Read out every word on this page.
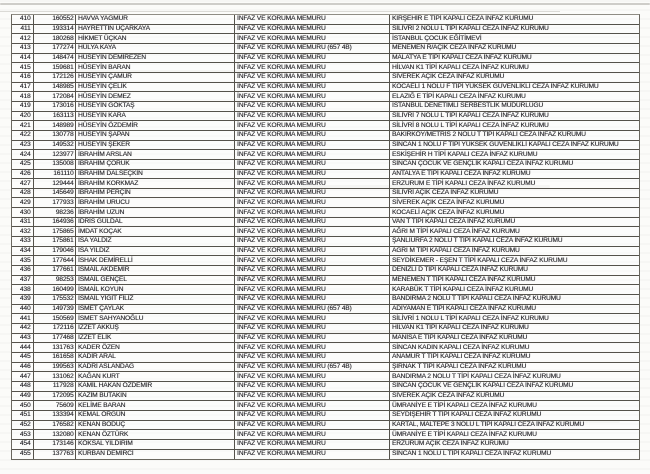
410	160552 HAVVA YAĞMUR	İNFAZ VE KORUMA MEMURU	KIRŞEHİR E TİPİ KAPALI CEZA İNFAZ KURUMU
411	193314 HAYRETTİN UÇARKAYA	İNFAZ VE KORUMA MEMURU	SİLİVRİ 2 NOLU L TİPİ KAPALI CEZA İNFAZ KURUMU
412	180268 HİKMET ÜÇKAN	İNFAZ VE KORUMA MEMURU	İSTANBUL ÇOCUK EĞİTİMEVİ
413	177274 HÜLYA KAYA	İNFAZ VE KORUMA MEMURU (657 4B)	MENEMEN R/AÇIK CEZA İNFAZ KURUMU
414	148474 HÜSEYİN DEMİREZEN	İNFAZ VE KORUMA MEMURU	MALATYA E TİPİ KAPALI CEZA İNFAZ KURUMU
415	159681 HÜSEYİN BARAN	İNFAZ VE KORUMA MEMURU	HİLVAN K1 TİPİ KAPALI CEZA İNFAZ KURUMU
416	172126 HÜSEYİN ÇAMUR	İNFAZ VE KORUMA MEMURU	SİVEREK AÇIK CEZA İNFAZ KURUMU
417	148985 HÜSEYİN ÇELİK	İNFAZ VE KORUMA MEMURU	KOCAELİ 1 NOLU F TİPİ YÜKSEK GÜVENLİKLİ CEZA İNFAZ KURUMU
418	172084 HÜSEYİN DEMEZ	İNFAZ VE KORUMA MEMURU	ELAZIĞ E TİPİ KAPALI CEZA İNFAZ KURUMU
419	173016 HÜSEYİN GÖKTAŞ	İNFAZ VE KORUMA MEMURU	İSTANBUL DENETİMLİ SERBESTLİK MÜDÜRLÜĞÜ
420	163113 HÜSEYİN KARA	İNFAZ VE KORUMA MEMURU	SİLİVRİ 7 NOLU L TİPİ KAPALI CEZA İNFAZ KURUMU
421	148989 HÜSEYİN ÖZDEMİR	İNFAZ VE KORUMA MEMURU	SİLİVRİ 8 NOLU L TİPİ KAPALI CEZA İNFAZ KURUMU
422	130778 HÜSEYİN ŞAPAN	İNFAZ VE KORUMA MEMURU	BAKIRKÖY/METRİS 2 NOLU T TİPİ KAPALI CEZA İNFAZ KURUMU
423	149532 HÜSEYİN ŞEKER	İNFAZ VE KORUMA MEMURU	SİNCAN 1 NOLU F TİPİ YÜKSEK GÜVENLİKLİ KAPALI CEZA İNFAZ KURUMU
424	123977 İBRAHİM ARSLAN	İNFAZ VE KORUMA MEMURU	ESKİŞEHİR H TİPİ KAPALI CEZA İNFAZ KURUMU
425	135008 İBRAHİM ÇORUK	İNFAZ VE KORUMA MEMURU	SİNCAN ÇOCUK VE GENÇLİK KAPALI CEZA İNFAZ KURUMU
426	161110 İBRAHİM DALSEÇKİN	İNFAZ VE KORUMA MEMURU	ANTALYA E TİPİ KAPALI CEZA İNFAZ KURUMU
427	129444 İBRAHİM KORKMAZ	İNFAZ VE KORUMA MEMURU	ERZURUM E TİPİ KAPALI CEZA İNFAZ KURUMU
428	145649 İBRAHİM PERÇİN	İNFAZ VE KORUMA MEMURU	SİLİVRİ AÇIK CEZA İNFAZ KURUMU
429	177933 İBRAHİM URUCU	İNFAZ VE KORUMA MEMURU	SİVEREK AÇIK CEZA İNFAZ KURUMU
430	98236 İBRAHİM UZUN	İNFAZ VE KORUMA MEMURU	KOCAELİ AÇIK CEZA İNFAZ KURUMU
431	164936 İDRİS GÜLDAL	İNFAZ VE KORUMA MEMURU	VAN T TİPİ KAPALI CEZA İNFAZ KURUMU
432	175865 İMDAT KOÇAK	İNFAZ VE KORUMA MEMURU	AĞRI M TİPİ KAPALI CEZA İNFAZ KURUMU
433	175861 İSA YALDIZ	İNFAZ VE KORUMA MEMURU	ŞANLIURFA 2 NOLU T TİPİ KAPALI CEZA İNFAZ KURUMU
434	179046 İSA YILDIZ	İNFAZ VE KORUMA MEMURU	AĞRI M TİPİ KAPALI CEZA İNFAZ KURUMU
435	177644 İSHAK DEMİRELLİ	İNFAZ VE KORUMA MEMURU	SEYDİKEMER - EŞEN T TİPİ KAPALI CEZA İNFAZ KURUMU
436	177661 İSMAİL AKDEMİR	İNFAZ VE KORUMA MEMURU	DENİZLİ D TİPİ KAPALI CEZA İNFAZ KURUMU
437	98253 İSMAİL GENÇEL	İNFAZ VE KORUMA MEMURU	MENEMEN T TİPİ KAPALI CEZA İNFAZ KURUMU
438	160499 İSMAİL KOYUN	İNFAZ VE KORUMA MEMURU	KARABÜK T TİPİ KAPALI CEZA İNFAZ KURUMU
439	175532 İSMAİL YİĞİT FİLİZ	İNFAZ VE KORUMA MEMURU	BANDIRMA 2 NOLU T TİPİ KAPALI CEZA İNFAZ KURUMU
440	149739 İSMET ÇAYLAK	İNFAZ VE KORUMA MEMURU (657 4B)	ADIYAMAN E TİPİ KAPALI CEZA İNFAZ KURUMU
441	150569 İSMET SAHYANOĞLU	İNFAZ VE KORUMA MEMURU	SİLİVRİ 1 NOLU L TİPİ KAPALI CEZA İNFAZ KURUMU
442	172116 İZZET AKKUŞ	İNFAZ VE KORUMA MEMURU	HİLVAN K1 TİPİ KAPALI CEZA İNFAZ KURUMU
443	177468 İZZET ELİK	İNFAZ VE KORUMA MEMURU	MANİSA E TİPİ KAPALI CEZA İNFAZ KURUMU
444	131763 KADER ÖZEN	İNFAZ VE KORUMA MEMURU	SİNCAN KADIN KAPALI CEZA İNFAZ KURUMU
445	161658 KADİR ARAL	İNFAZ VE KORUMA MEMURU	ANAMUR T TİPİ KAPALI CEZA İNFAZ KURUMU
446	199563 KADRİ ASLANDAĞ	İNFAZ VE KORUMA MEMURU (657 4B)	ŞIRNAK T TİPİ KAPALI CEZA İNFAZ KURUMU
447	131062 KAĞAN KURT	İNFAZ VE KORUMA MEMURU	BANDIRMA 2 NOLU T TİPİ KAPALI CEZA İNFAZ KURUMU
448	117928 KAMİL HAKAN ÖZDEMİR	İNFAZ VE KORUMA MEMURU	SİNCAN ÇOCUK VE GENÇLİK KAPALI CEZA İNFAZ KURUMU
449	172095 KAZİM BUTAKIN	İNFAZ VE KORUMA MEMURU	SİVEREK AÇIK CEZA İNFAZ KURUMU
450	75609 KELİME BARAN	İNFAZ VE KORUMA MEMURU	ÜMRANİYE E TİPİ KAPALI CEZA İNFAZ KURUMU
451	133394 KEMAL ÖRGÜN	İNFAZ VE KORUMA MEMURU	SEYDİŞEHİR T TİPİ KAPALI CEZA İNFAZ KURUMU
452	176582 KENAN BODUÇ	İNFAZ VE KORUMA MEMURU	KARTAL, MALTEPE 3 NOLU L TİPİ KAPALI CEZA İNFAZ KURUMU
453	132080 KENAN ÖZTÜRK	İNFAZ VE KORUMA MEMURU	ÜMRANİYE E TİPİ KAPALI CEZA İNFAZ KURUMU
454	173146 KÖKSAL YILDIRIM	İNFAZ VE KORUMA MEMURU	ERZURUM AÇIK CEZA İNFAZ KURUMU
455	137763 KURBAN DEMİRCİ	İNFAZ VE KORUMA MEMURU	SİNCAN 1 NOLU L TİPİ KAPALI CEZA İNFAZ KURUMU
